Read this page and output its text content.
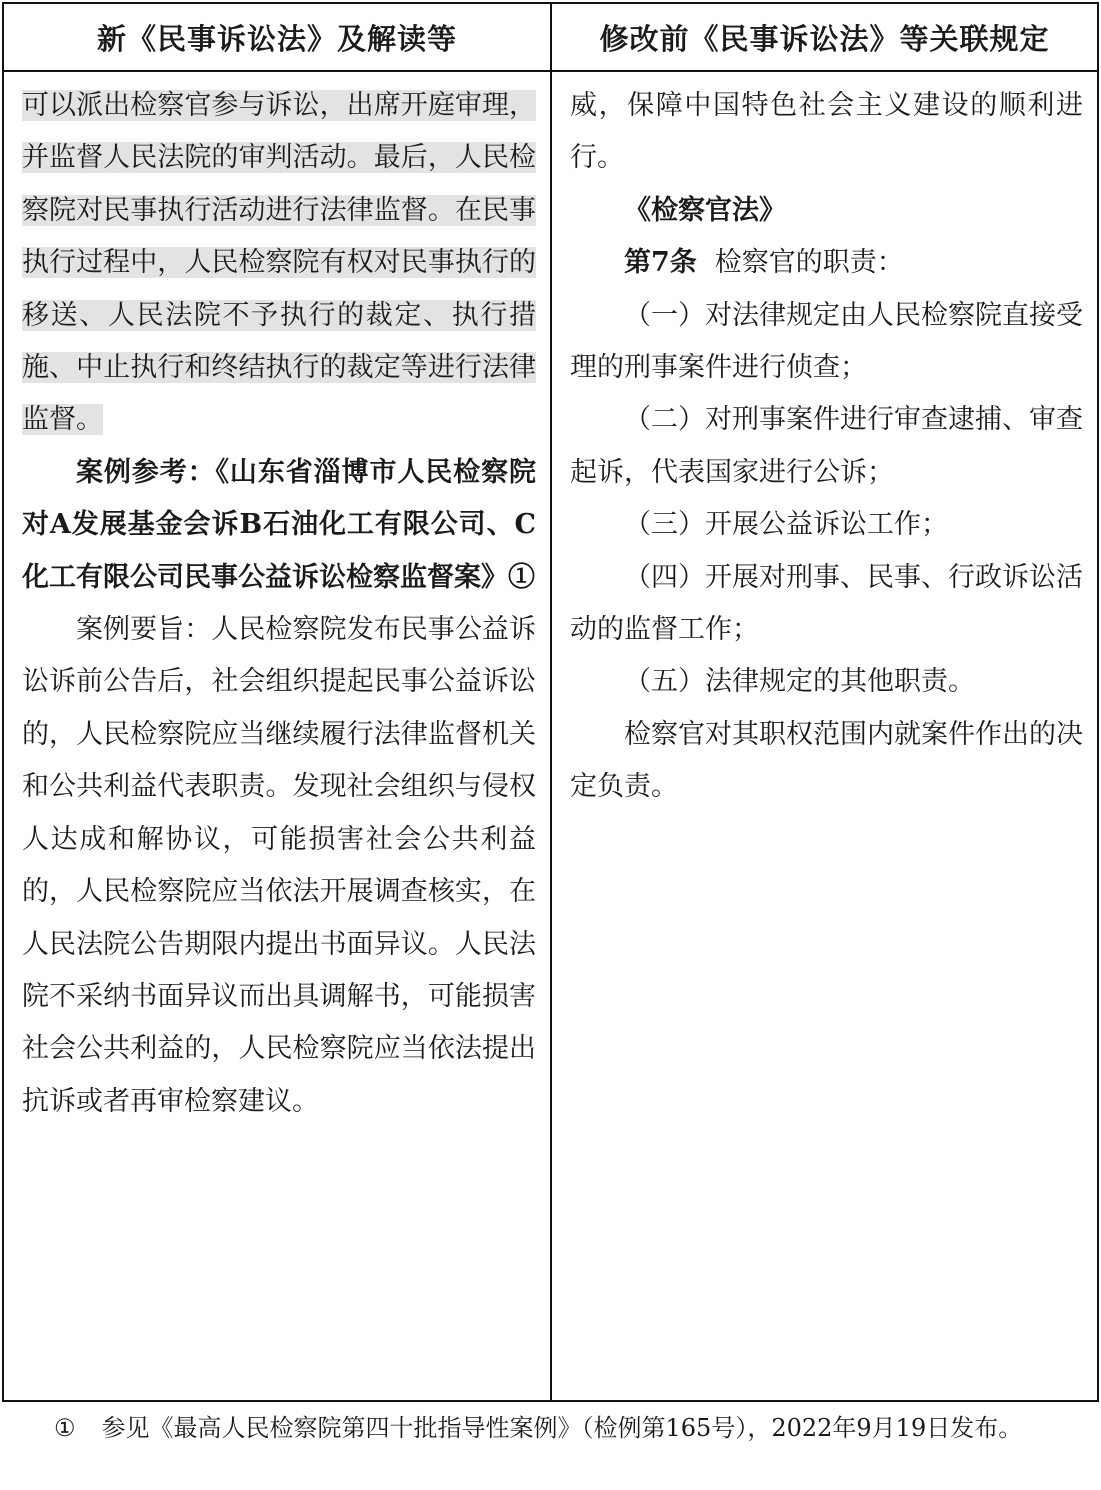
新《民事诉讼法》及解读等	修改前《民事诉讼法》等关联规定

可以派出检察官参与诉讼，出席开庭审理，并监督人民法院的审判活动。最后，人民检察院对民事执行活动进行法律监督。在民事执行过程中，人民检察院有权对民事执行的移送、人民法院不予执行的裁定、执行措施、中止执行和终结执行的裁定等进行法律监督。

案例参考：《山东省淄博市人民检察院对A发展基金会诉B石油化工有限公司、C化工有限公司民事公益诉讼检察监督案》①

案例要旨：人民检察院发布民事公益诉讼诉前公告后，社会组织提起民事公益诉讼的，人民检察院应当继续履行法律监督机关和公共利益代表职责。发现社会组织与侵权人达成和解协议，可能损害社会公共利益的，人民检察院应当依法开展调查核实，在人民法院公告期限内提出书面异议。人民法院不采纳书面异议而出具调解书，可能损害社会公共利益的，人民检察院应当依法提出抗诉或者再审检察建议。

威，保障中国特色社会主义建设的顺利进行。

《检察官法》

第7条 检察官的职责：

（一）对法律规定由人民检察院直接受理的刑事案件进行侦查；

（二）对刑事案件进行审查逮捕、审查起诉，代表国家进行公诉；

（三）开展公益诉讼工作；

（四）开展对刑事、民事、行政诉讼活动的监督工作；

（五）法律规定的其他职责。

检察官对其职权范围内就案件作出的决定负责。

① 参见《最高人民检察院第四十批指导性案例》（检例第165号），2022年9月19日发布。
